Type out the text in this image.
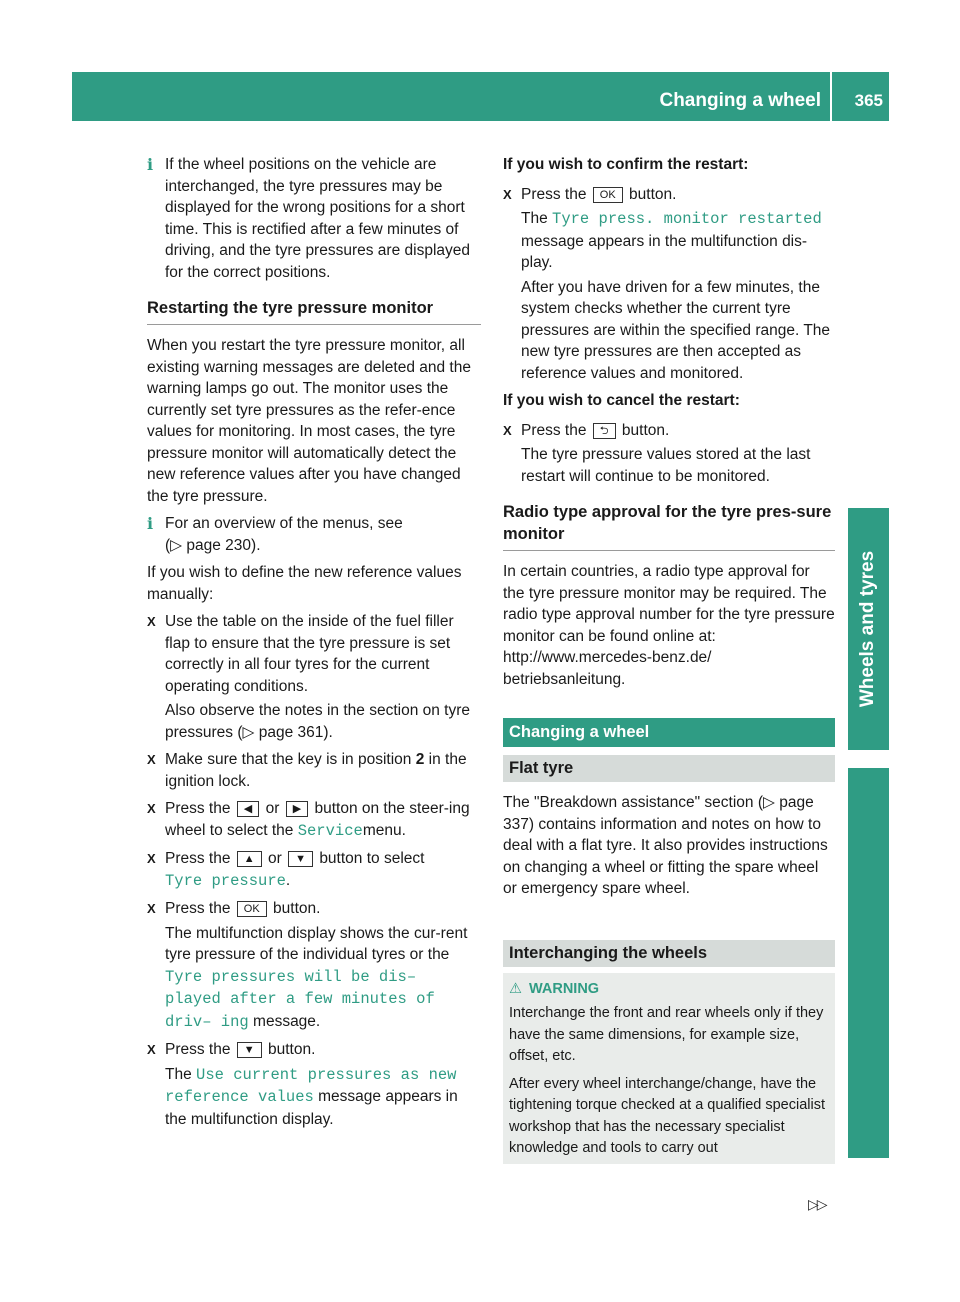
Changing a wheel 365
Wheels and tyres
i If the wheel positions on the vehicle are interchanged, the tyre pressures may be displayed for the wrong positions for a short time. This is rectified after a few minutes of driving, and the tyre pressures are displayed for the correct positions.
Restarting the tyre pressure monitor

When you restart the tyre pressure monitor, all existing warning messages are deleted and the warning lamps go out. The monitor uses the currently set tyre pressures as the refer-ence values for monitoring. In most cases, the tyre pressure monitor will automatically detect the new reference values after you have changed the tyre pressure.

i For an overview of the menus, see
(▷ page 230).

If you wish to define the new reference values manually:

X Use the table on the inside of the fuel filler flap to ensure that the tyre pressure is set correctly in all four tyres for the current operating conditions.
Also observe the notes in the section on tyre pressures (▷ page 361).
X Make sure that the key is in position 2 in the ignition lock.
X Press the ◀ or ▶ button on the steer-ing wheel to select the Servicemenu.
X Press the ▲ or ▼ button to select
Tyre pressure.
X Press the OK button.
The multifunction display shows the cur-rent tyre pressure of the individual tyres or the Tyre pressures will be dis– played after a few minutes of driv– ing message.
X Press the ▼ button.
The Use current pressures as new reference values message appears in the multifunction display.
If you wish to confirm the restart:
X Press the OK button.
The Tyre press. monitor restarted message appears in the multifunction dis-play.
After you have driven for a few minutes, the system checks whether the current tyre pressures are within the specified range. The new tyre pressures are then accepted as reference values and monitored.
If you wish to cancel the restart:
X Press the ⮌ button.
The tyre pressure values stored at the last restart will continue to be monitored.
Radio type approval for the tyre pres-sure monitor

In certain countries, a radio type approval for the tyre pressure monitor may be required. The radio type approval number for the tyre pressure monitor can be found online at: http://www.mercedes-benz.de/ betriebsanleitung.

Changing a wheel
Flat tyre

The "Breakdown assistance" section (▷ page 337) contains information and notes on how to deal with a flat tyre. It also provides instructions on changing a wheel or fitting the spare wheel or emergency spare wheel.

Interchanging the wheels
⚠ WARNING

Interchange the front and rear wheels only if they have the same dimensions, for example size, offset, etc.

After every wheel interchange/change, have the tightening torque checked at a qualified specialist workshop that has the necessary specialist knowledge and tools to carry out

▷▷
